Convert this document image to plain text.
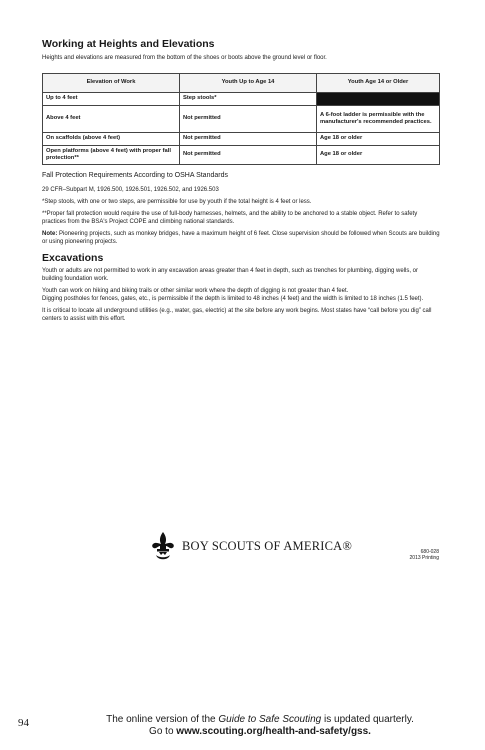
Working at Heights and Elevations

Heights and elevations are measured from the bottom of the shoes or boots above the ground level or floor.

Elevation of Work	Youth Up to Age 14	Youth Age 14 or Older
Up to 4 feet	Step stools*	

Above 4 feet	Not permitted	A 6-foot ladder is permissible with the manufacturer's recommended practices.
On scaffolds (above 4 feet)	Not permitted	Age 18 or older
Open platforms (above 4 feet) with proper fall protection**	Not permitted	Age 18 or older

Fall Protection Requirements According to OSHA Standards

29 CFR–Subpart M, 1926.500, 1926.501, 1926.502, and 1926.503

*Step stools, with one or two steps, are permissible for use by youth if the total height is 4 feet or less.

**Proper fall protection would require the use of full-body harnesses, helmets, and the ability to be anchored to a stable object. Refer to safety practices from the BSA's Project COPE and climbing national standards.

Note: Pioneering projects, such as monkey bridges, have a maximum height of 6 feet. Close supervision should be followed when Scouts are building or using pioneering projects.

Excavations

Youth or adults are not permitted to work in any excavation areas greater than 4 feet in depth, such as trenches for plumbing, digging wells, or building foundation work.

Youth can work on hiking and biking trails or other similar work where the depth of digging is not greater than 4 feet.

Digging postholes for fences, gates, etc., is permissible if the depth is limited to 48 inches (4 feet) and the width is limited to 18 inches (1.5 feet).

It is critical to locate all underground utilities (e.g., water, gas, electric) at the site before any work begins. Most states have “call before you dig” call centers to assist with this effort.

BOY SCOUTS OF AMERICA®	680-028
2013 Printing
94	The online version of the Guide to Safe Scouting is updated quarterly.
Go to www.scouting.org/health-and-safety/gss.
